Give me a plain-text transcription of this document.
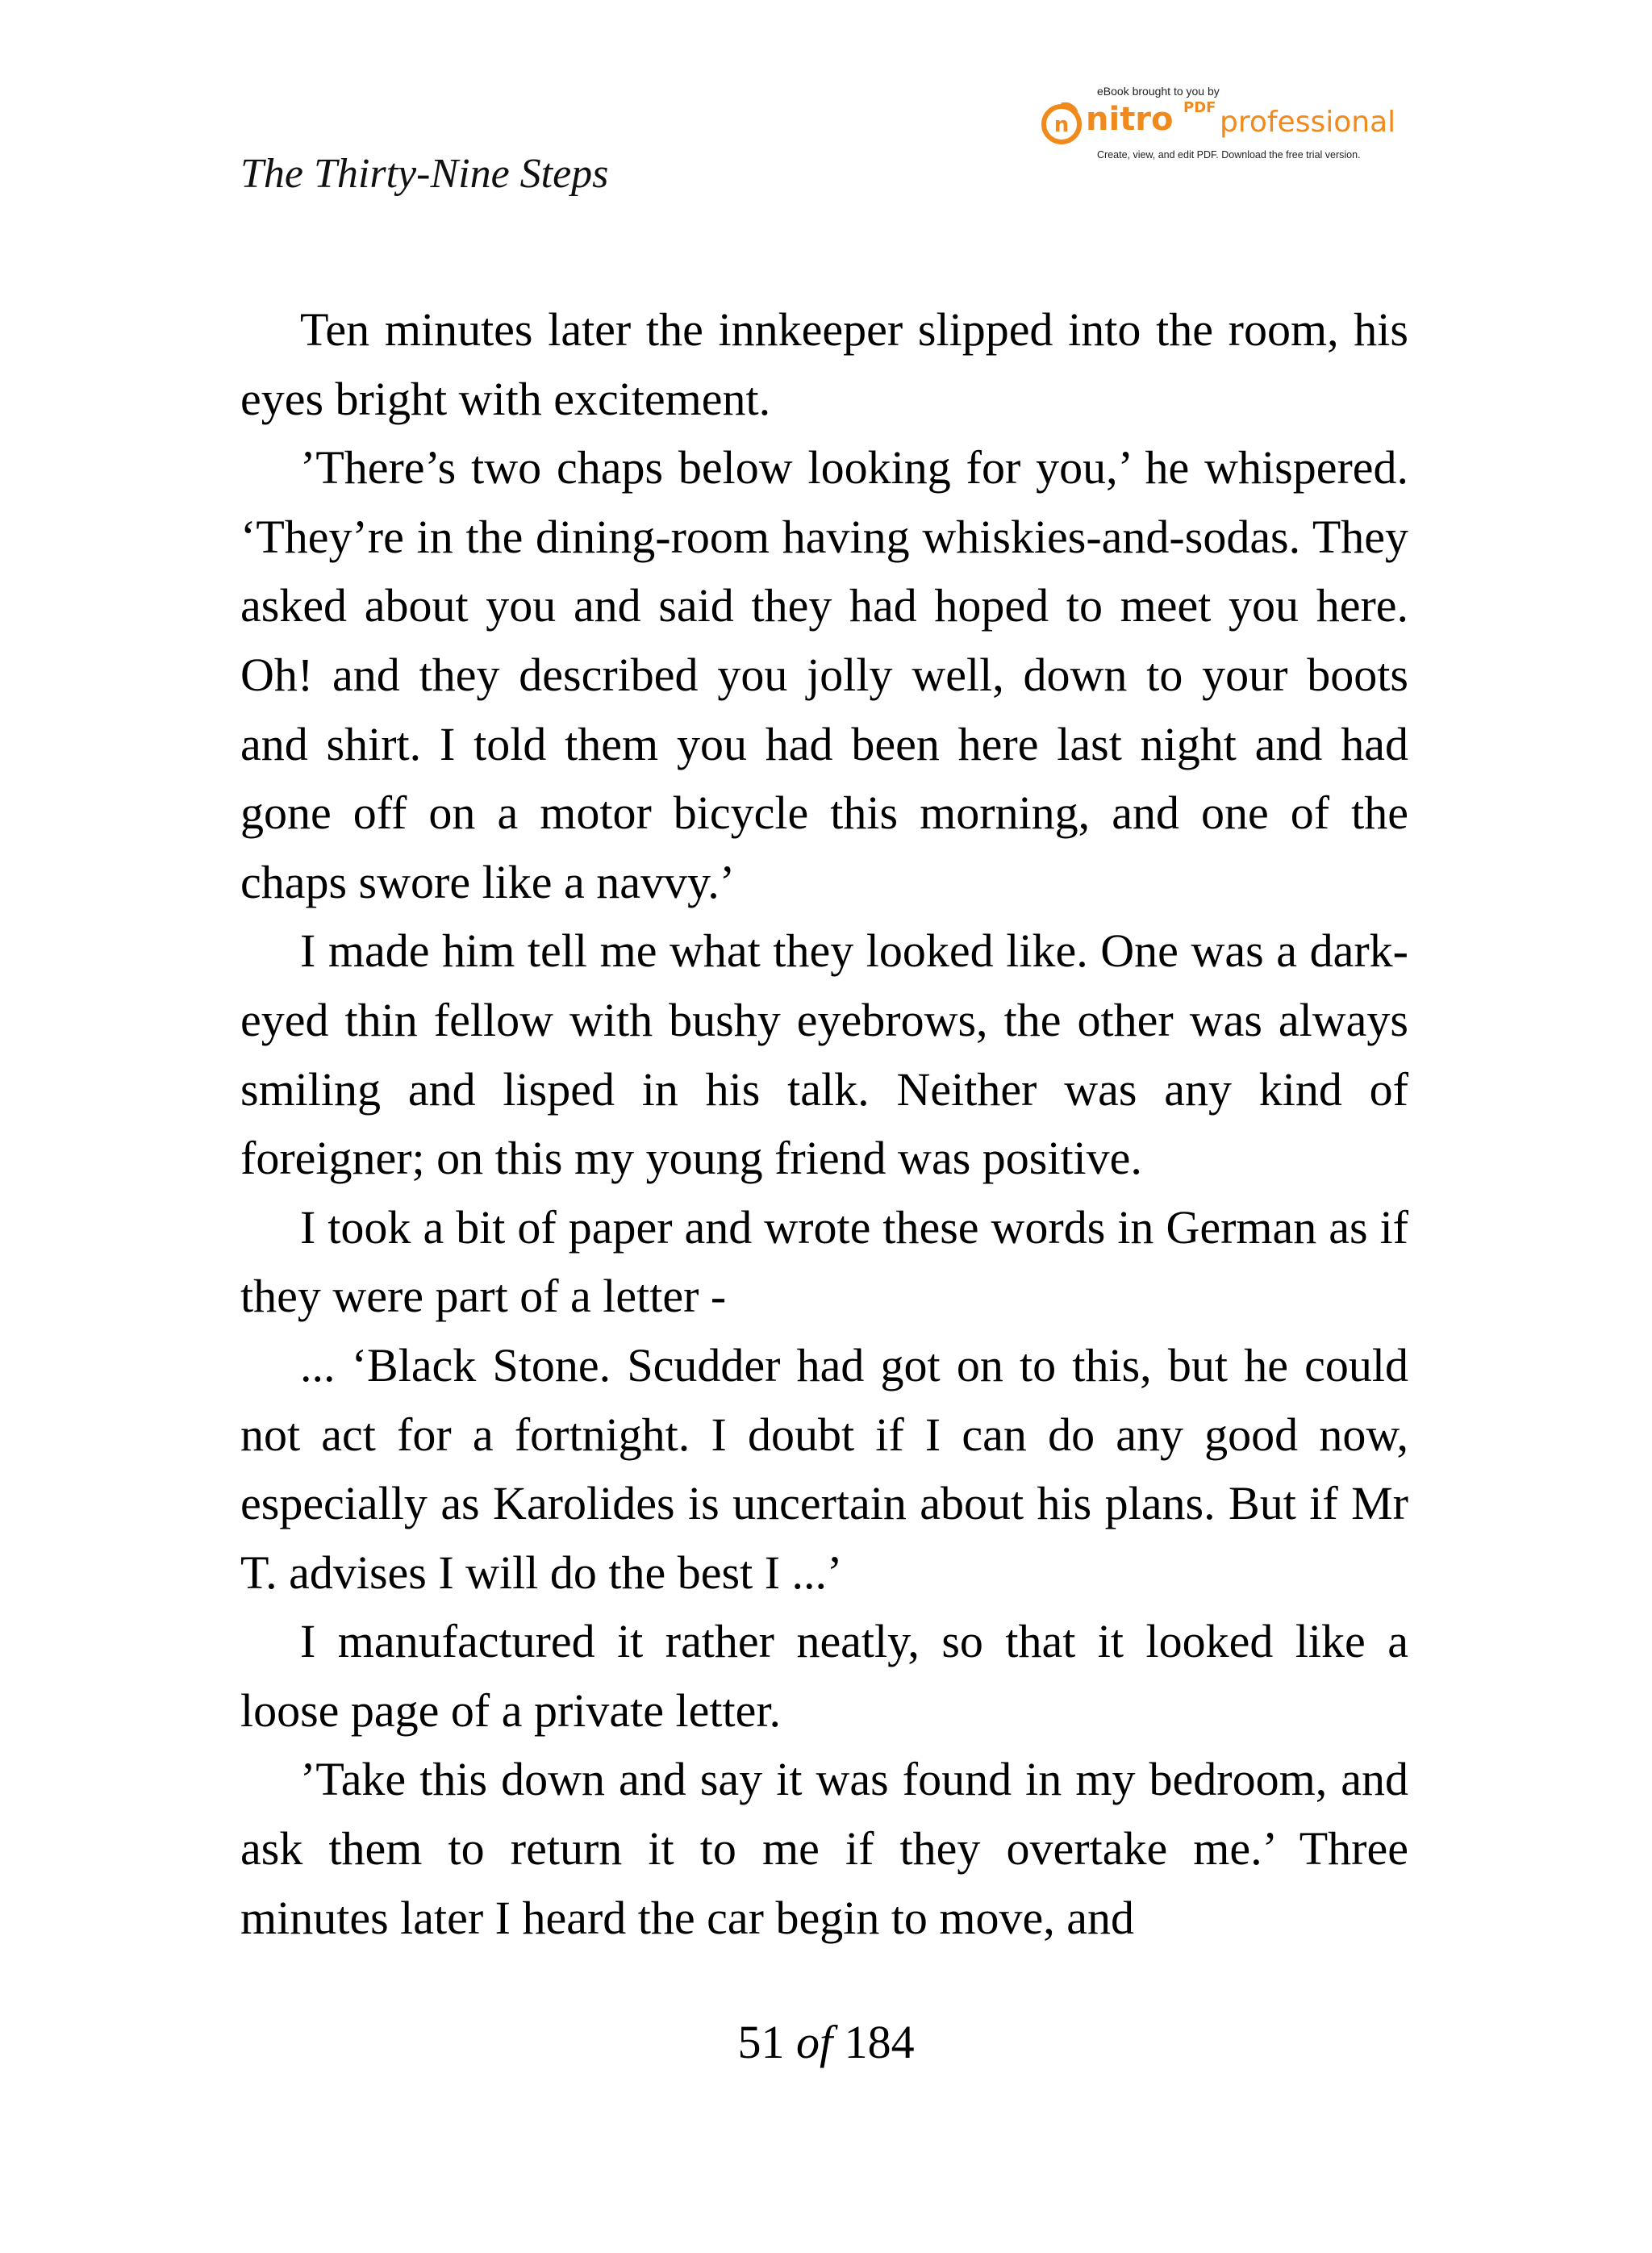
eBook brought to you by
n nitro PDF professional
Create, view, and edit PDF. Download the free trial version.
The Thirty-Nine Steps

Ten minutes later the innkeeper slipped into the room, his eyes bright with excitement.

’There’s two chaps below looking for you,’ he whispered. ‘They’re in the dining-room having whiskies-and-sodas. They asked about you and said they had hoped to meet you here. Oh! and they described you jolly well, down to your boots and shirt. I told them you had been here last night and had gone off on a motor bicycle this morning, and one of the chaps swore like a navvy.’

I made him tell me what they looked like. One was a dark-eyed thin fellow with bushy eyebrows, the other was always smiling and lisped in his talk. Neither was any kind of foreigner; on this my young friend was positive.

I took a bit of paper and wrote these words in German as if they were part of a letter -

... ‘Black Stone. Scudder had got on to this, but he could not act for a fortnight. I doubt if I can do any good now, especially as Karolides is uncertain about his plans. But if Mr T. advises I will do the best I ...’

I manufactured it rather neatly, so that it looked like a loose page of a private letter.

’Take this down and say it was found in my bedroom, and ask them to return it to me if they overtake me.’ Three minutes later I heard the car begin to move, and

51 of 184
